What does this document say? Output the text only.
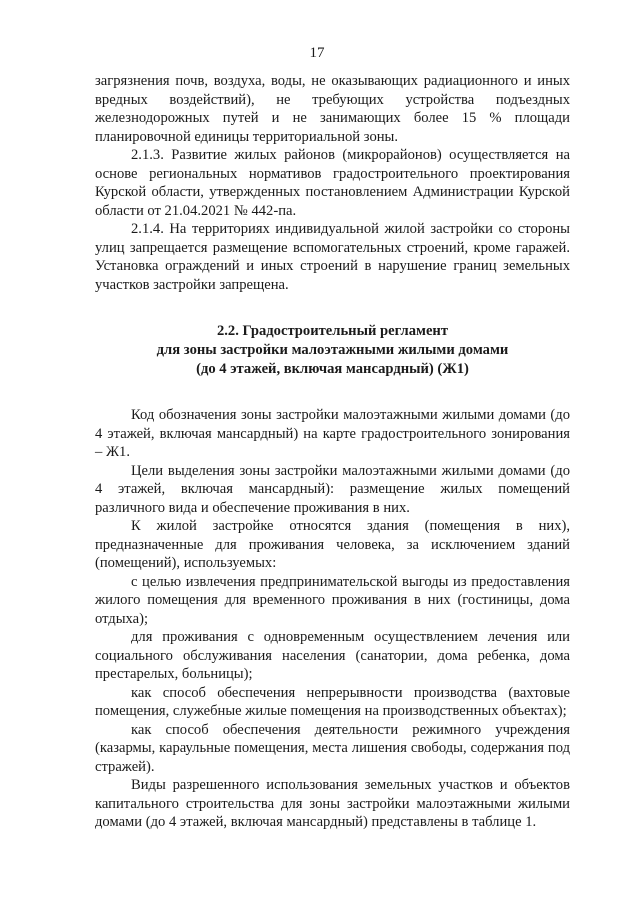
17

загрязнения почв, воздуха, воды, не оказывающих радиационного и иных вредных воздействий), не требующих устройства подъездных железнодорожных путей и не занимающих более 15 % площади планировочной единицы территориальной зоны.

2.1.3. Развитие жилых районов (микрорайонов) осуществляется на основе региональных нормативов градостроительного проектирования Курской области, утвержденных постановлением Администрации Курской области от 21.04.2021 № 442-па.

2.1.4. На территориях индивидуальной жилой застройки со стороны улиц запрещается размещение вспомогательных строений, кроме гаражей. Установка ограждений и иных строений в нарушение границ земельных участков застройки запрещена.

2.2. Градостроительный регламент
для зоны застройки малоэтажными жилыми домами
(до 4 этажей, включая мансардный) (Ж1)

Код обозначения зоны застройки малоэтажными жилыми домами (до 4 этажей, включая мансардный) на карте градостроительного зонирования – Ж1.

Цели выделения зоны застройки малоэтажными жилыми домами (до 4 этажей, включая мансардный): размещение жилых помещений различного вида и обеспечение проживания в них.

К жилой застройке относятся здания (помещения в них), предназначенные для проживания человека, за исключением зданий (помещений), используемых:

с целью извлечения предпринимательской выгоды из предоставления жилого помещения для временного проживания в них (гостиницы, дома отдыха);

для проживания с одновременным осуществлением лечения или социального обслуживания населения (санатории, дома ребенка, дома престарелых, больницы);

как способ обеспечения непрерывности производства (вахтовые помещения, служебные жилые помещения на производственных объектах);

как способ обеспечения деятельности режимного учреждения (казармы, караульные помещения, места лишения свободы, содержания под стражей).

Виды разрешенного использования земельных участков и объектов капитального строительства для зоны застройки малоэтажными жилыми домами (до 4 этажей, включая мансардный) представлены в таблице 1.
